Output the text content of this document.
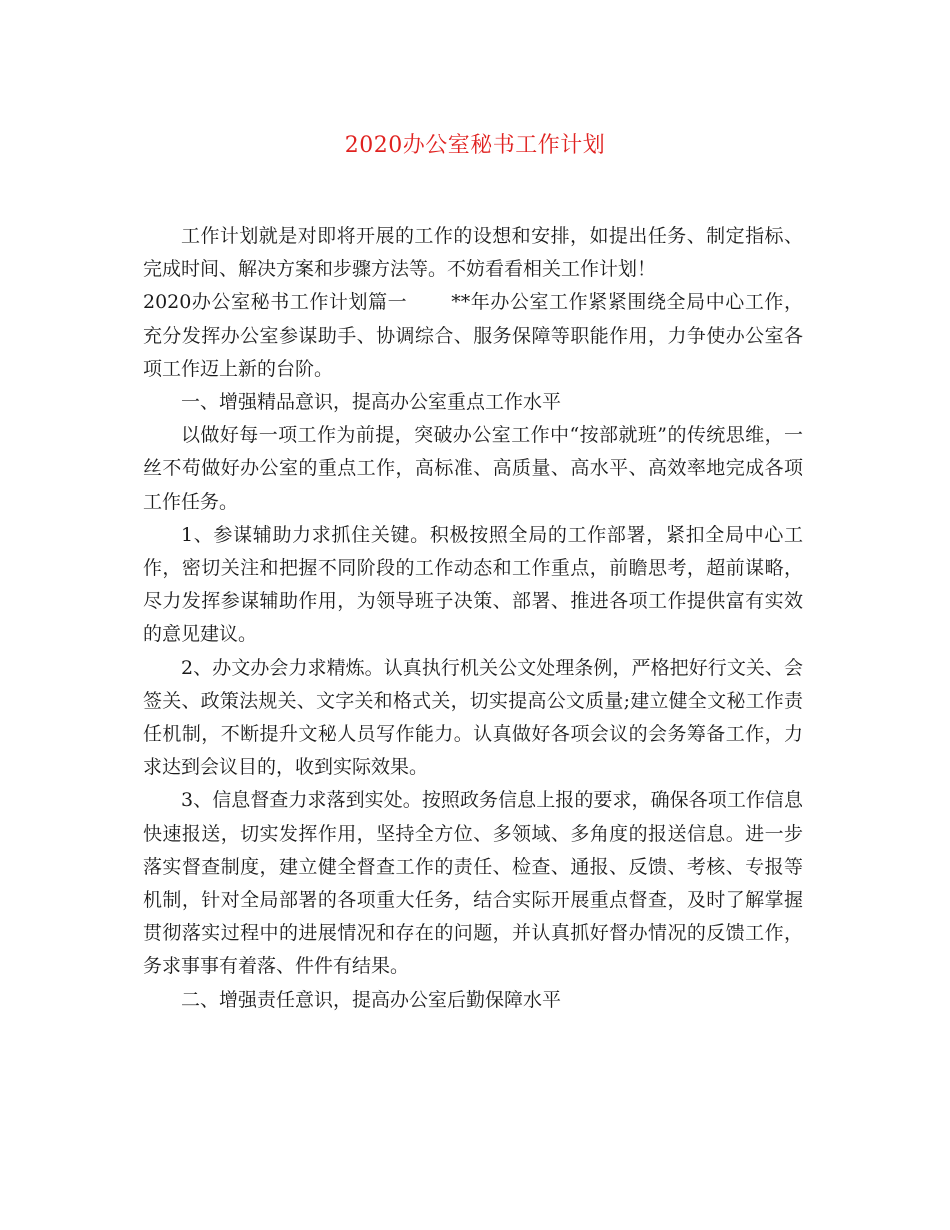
2020办公室秘书工作计划

工作计划就是对即将开展的工作的设想和安排，如提出任务、制定指标、完成时间、解决方案和步骤方法等。不妨看看相关工作计划！

2020办公室秘书工作计划篇一 **年办公室工作紧紧围绕全局中心工作，充分发挥办公室参谋助手、协调综合、服务保障等职能作用，力争使办公室各项工作迈上新的台阶。

一、增强精品意识，提高办公室重点工作水平

以做好每一项工作为前提，突破办公室工作中“按部就班”的传统思维，一丝不苟做好办公室的重点工作，高标准、高质量、高水平、高效率地完成各项工作任务。

1、参谋辅助力求抓住关键。积极按照全局的工作部署，紧扣全局中心工作，密切关注和把握不同阶段的工作动态和工作重点，前瞻思考，超前谋略，尽力发挥参谋辅助作用，为领导班子决策、部署、推进各项工作提供富有实效的意见建议。

2、办文办会力求精炼。认真执行机关公文处理条例，严格把好行文关、会签关、政策法规关、文字关和格式关，切实提高公文质量;建立健全文秘工作责任机制，不断提升文秘人员写作能力。认真做好各项会议的会务筹备工作，力求达到会议目的，收到实际效果。

3、信息督查力求落到实处。按照政务信息上报的要求，确保各项工作信息快速报送，切实发挥作用，坚持全方位、多领域、多角度的报送信息。进一步落实督查制度，建立健全督查工作的责任、检查、通报、反馈、考核、专报等机制，针对全局部署的各项重大任务，结合实际开展重点督查，及时了解掌握贯彻落实过程中的进展情况和存在的问题，并认真抓好督办情况的反馈工作，务求事事有着落、件件有结果。

二、增强责任意识，提高办公室后勤保障水平
